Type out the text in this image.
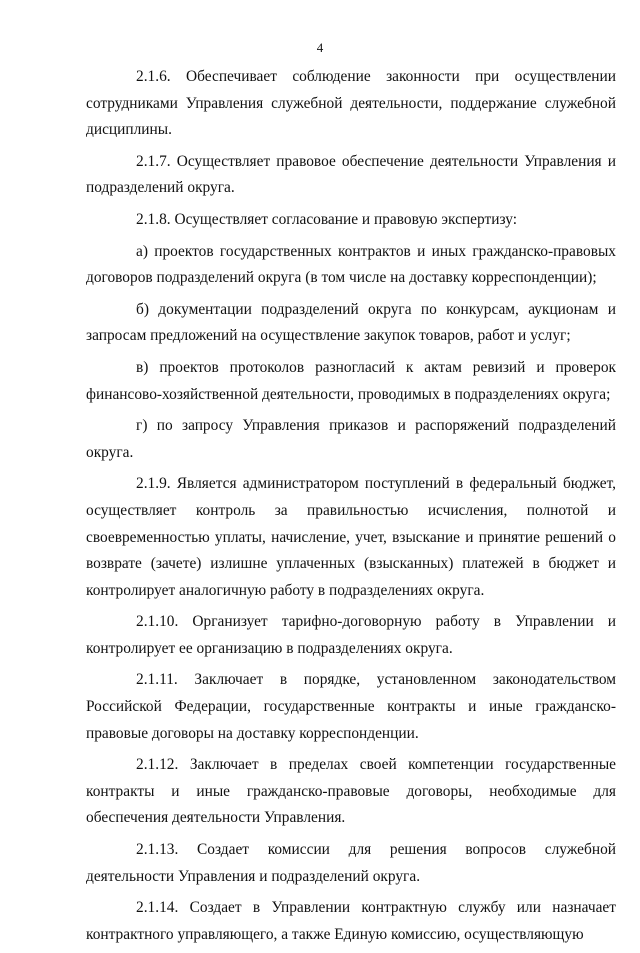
4

2.1.6. Обеспечивает соблюдение законности при осуществлении сотрудниками Управления служебной деятельности, поддержание служебной дисциплины.

2.1.7. Осуществляет правовое обеспечение деятельности Управления и подразделений округа.

2.1.8. Осуществляет согласование и правовую экспертизу:

а) проектов государственных контрактов и иных гражданско-правовых договоров подразделений округа (в том числе на доставку корреспонденции);

б) документации подразделений округа по конкурсам, аукционам и запросам предложений на осуществление закупок товаров, работ и услуг;

в) проектов протоколов разногласий к актам ревизий и проверок финансово-хозяйственной деятельности, проводимых в подразделениях округа;

г) по запросу Управления приказов и распоряжений подразделений округа.

2.1.9. Является администратором поступлений в федеральный бюджет, осуществляет контроль за правильностью исчисления, полнотой и своевременностью уплаты, начисление, учет, взыскание и принятие решений о возврате (зачете) излишне уплаченных (взысканных) платежей в бюджет и контролирует аналогичную работу в подразделениях округа.

2.1.10. Организует тарифно-договорную работу в Управлении и контролирует ее организацию в подразделениях округа.

2.1.11. Заключает в порядке, установленном законодательством Российской Федерации, государственные контракты и иные гражданско-правовые договоры на доставку корреспонденции.

2.1.12. Заключает в пределах своей компетенции государственные контракты и иные гражданско-правовые договоры, необходимые для обеспечения деятельности Управления.

2.1.13. Создает комиссии для решения вопросов служебной деятельности Управления и подразделений округа.

2.1.14. Создает в Управлении контрактную службу или назначает контрактного управляющего, а также Единую комиссию, осуществляющую
